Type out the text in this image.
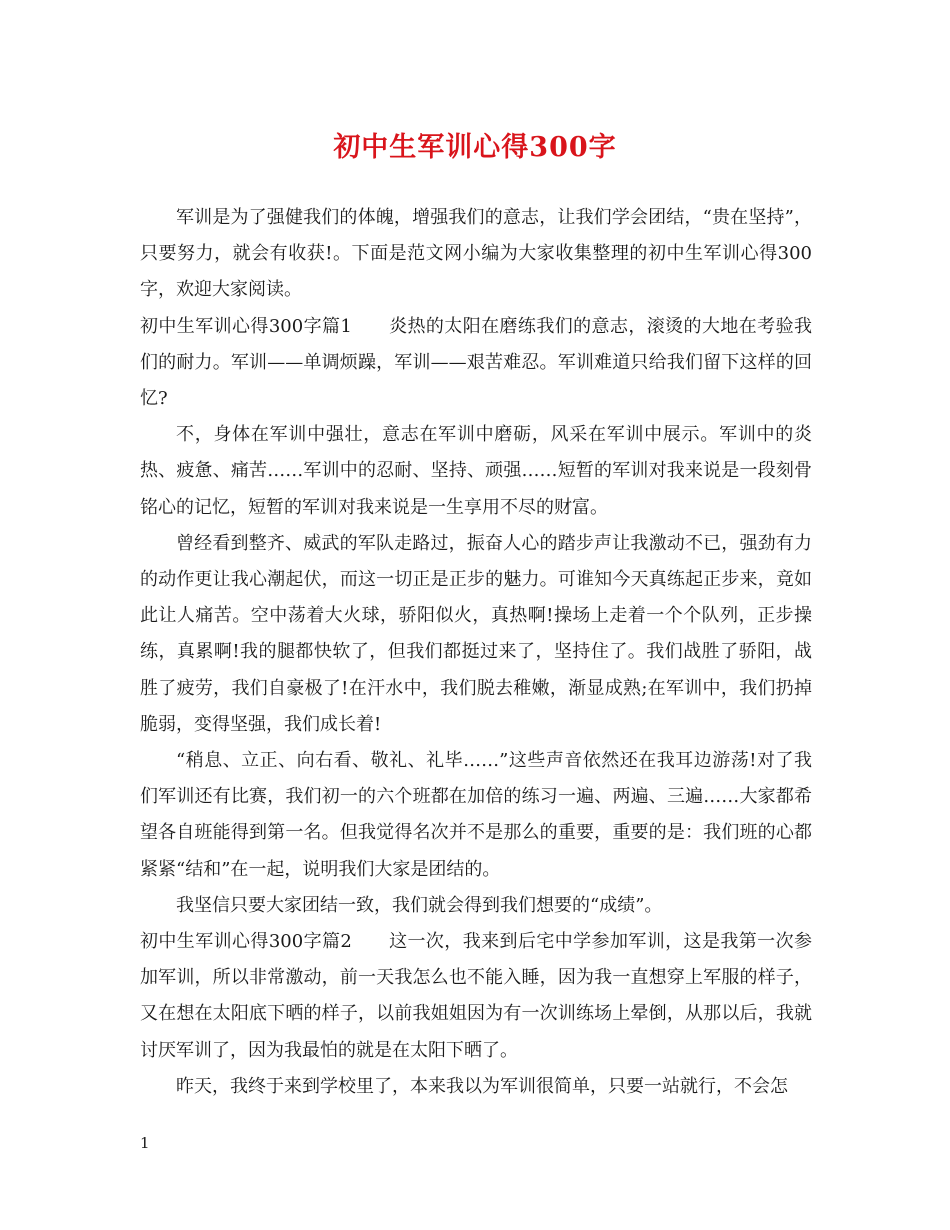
初中生军训心得300字

军训是为了强健我们的体魄，增强我们的意志，让我们学会团结，“贵在坚持”，只要努力，就会有收获!。下面是范文网小编为大家收集整理的初中生军训心得300字，欢迎大家阅读。

初中生军训心得300字篇1　　炎热的太阳在磨练我们的意志，滚烫的大地在考验我们的耐力。军训——单调烦躁，军训——艰苦难忍。军训难道只给我们留下这样的回忆?

不，身体在军训中强壮，意志在军训中磨砺，风采在军训中展示。军训中的炎热、疲惫、痛苦……军训中的忍耐、坚持、顽强……短暂的军训对我来说是一段刻骨铭心的记忆，短暂的军训对我来说是一生享用不尽的财富。

曾经看到整齐、威武的军队走路过，振奋人心的踏步声让我激动不已，强劲有力的动作更让我心潮起伏，而这一切正是正步的魅力。可谁知今天真练起正步来，竟如此让人痛苦。空中荡着大火球，骄阳似火，真热啊!操场上走着一个个队列，正步操练，真累啊!我的腿都快软了，但我们都挺过来了，坚持住了。我们战胜了骄阳，战胜了疲劳，我们自豪极了!在汗水中，我们脱去稚嫩，渐显成熟;在军训中，我们扔掉脆弱，变得坚强，我们成长着!

“稍息、立正、向右看、敬礼、礼毕……”这些声音依然还在我耳边游荡!对了我们军训还有比赛，我们初一的六个班都在加倍的练习一遍、两遍、三遍……大家都希望各自班能得到第一名。但我觉得名次并不是那么的重要，重要的是：我们班的心都紧紧“结和”在一起，说明我们大家是团结的。

我坚信只要大家团结一致，我们就会得到我们想要的“成绩”。

初中生军训心得300字篇2　　这一次，我来到后宅中学参加军训，这是我第一次参加军训，所以非常激动，前一天我怎么也不能入睡，因为我一直想穿上军服的样子，又在想在太阳底下晒的样子，以前我姐姐因为有一次训练场上晕倒，从那以后，我就讨厌军训了，因为我最怕的就是在太阳下晒了。

昨天，我终于来到学校里了，本来我以为军训很简单，只要一站就行，不会怎

1
